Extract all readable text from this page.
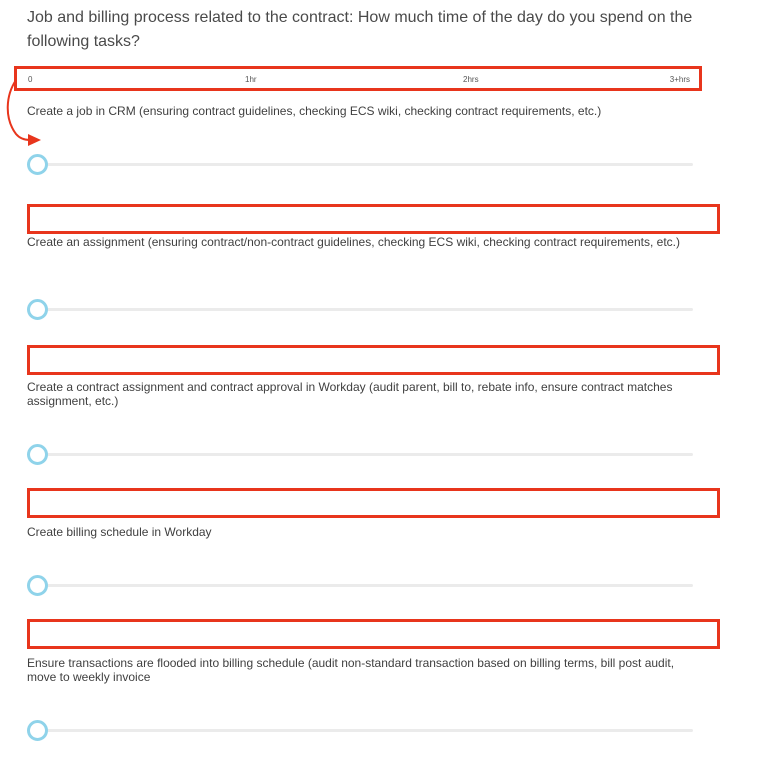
Job and billing process related to the contract: How much time of the day do you spend on the following tasks?

0	1hr	2hrs	3+hrs
Create a job in CRM (ensuring contract guidelines, checking ECS wiki, checking contract requirements, etc.)
Create an assignment (ensuring contract/non-contract guidelines, checking ECS wiki, checking contract requirements, etc.)
Create a contract assignment and contract approval in Workday (audit parent, bill to, rebate info, ensure contract matches assignment, etc.)
Create billing schedule in Workday
Ensure transactions are flooded into billing schedule (audit non-standard transaction based on billing terms, bill post audit, move to weekly invoice
